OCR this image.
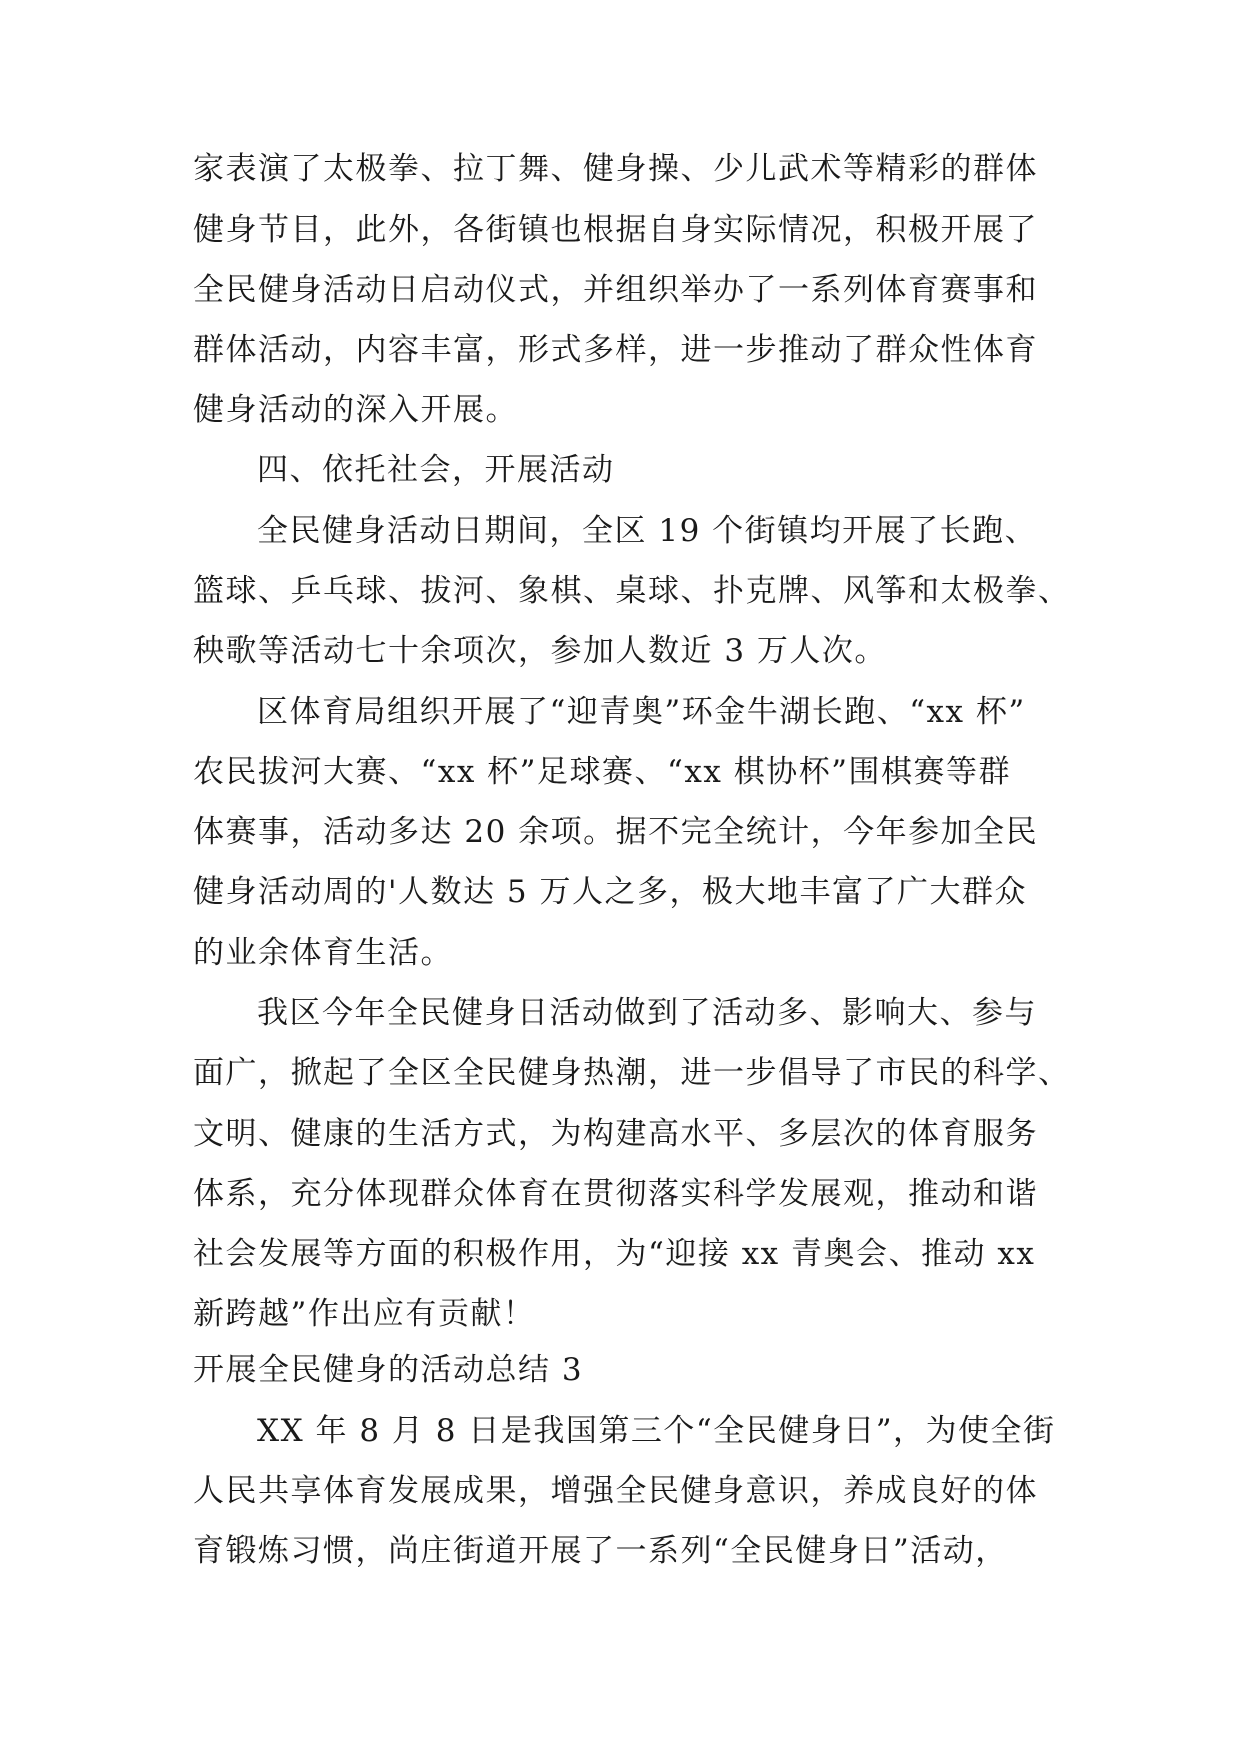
家表演了太极拳、拉丁舞、健身操、少儿武术等精彩的群体
健身节目，此外，各街镇也根据自身实际情况，积极开展了
全民健身活动日启动仪式，并组织举办了一系列体育赛事和
群体活动，内容丰富，形式多样，进一步推动了群众性体育
健身活动的深入开展。
四、依托社会，开展活动
全民健身活动日期间，全区 19 个街镇均开展了长跑、
篮球、乒乓球、拔河、象棋、桌球、扑克牌、风筝和太极拳、
秧歌等活动七十余项次，参加人数近 3 万人次。
区体育局组织开展了“迎青奥”环金牛湖长跑、“xx 杯”
农民拔河大赛、“xx 杯”足球赛、“xx 棋协杯”围棋赛等群
体赛事，活动多达 20 余项。据不完全统计，今年参加全民
健身活动周的'人数达 5 万人之多，极大地丰富了广大群众
的业余体育生活。
我区今年全民健身日活动做到了活动多、影响大、参与
面广，掀起了全区全民健身热潮，进一步倡导了市民的科学、
文明、健康的生活方式，为构建高水平、多层次的体育服务
体系，充分体现群众体育在贯彻落实科学发展观，推动和谐
社会发展等方面的积极作用，为“迎接 xx 青奥会、推动 xx
新跨越”作出应有贡献！
开展全民健身的活动总结 3
XX 年 8 月 8 日是我国第三个“全民健身日”，为使全街
人民共享体育发展成果，增强全民健身意识，养成良好的体
育锻炼习惯，尚庄街道开展了一系列“全民健身日”活动，
